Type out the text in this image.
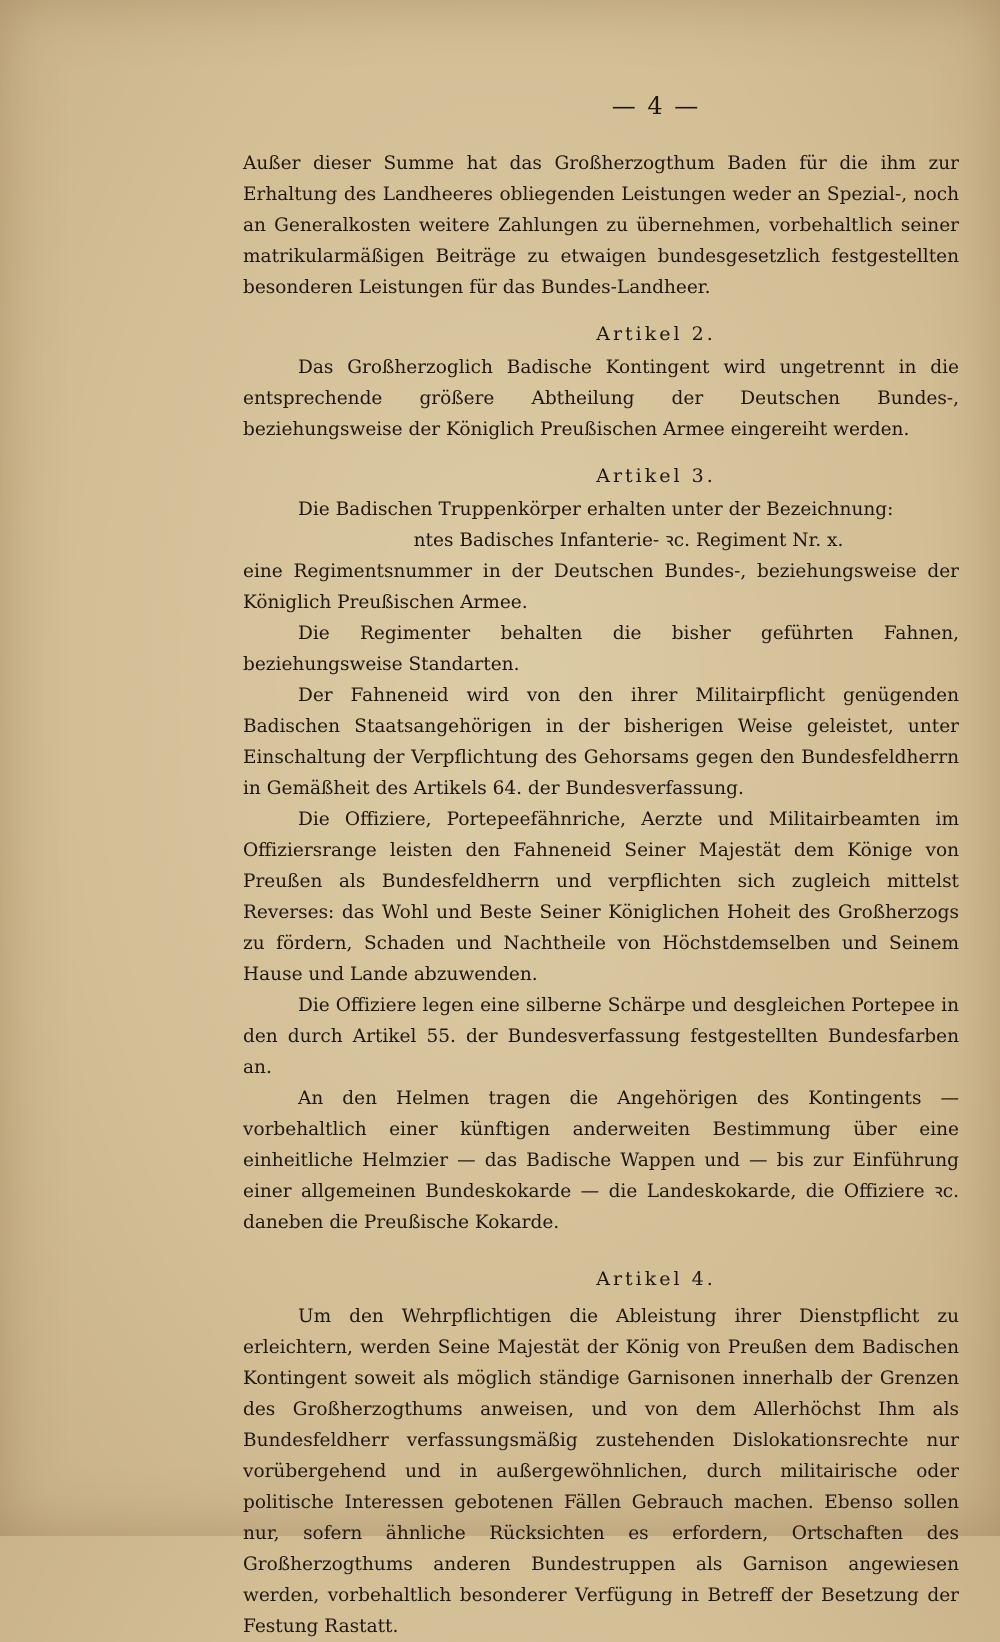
— 4 —

Außer dieser Summe hat das Großherzogthum Baden für die ihm zur Erhaltung des Landheeres obliegenden Leistungen weder an Spezial-, noch an Generalkosten weitere Zahlungen zu übernehmen, vorbehaltlich seiner matrikularmäßigen Beiträge zu etwaigen bundesgesetzlich festgestellten besonderen Leistungen für das Bundes-Landheer.

Artikel 2.

Das Großherzoglich Badische Kontingent wird ungetrennt in die entsprechende größere Abtheilung der Deutschen Bundes-, beziehungsweise der Königlich Preußischen Armee eingereiht werden.

Artikel 3.

Die Badischen Truppenkörper erhalten unter der Bezeichnung:

ntes Badisches Infanterie- ꝛc. Regiment Nr. x.

eine Regimentsnummer in der Deutschen Bundes-, beziehungsweise der Königlich Preußischen Armee.

Die Regimenter behalten die bisher geführten Fahnen, beziehungsweise Standarten.

Der Fahneneid wird von den ihrer Militairpflicht genügenden Badischen Staatsangehörigen in der bisherigen Weise geleistet, unter Einschaltung der Verpflichtung des Gehorsams gegen den Bundesfeldherrn in Gemäßheit des Artikels 64. der Bundesverfassung.

Die Offiziere, Portepeefähnriche, Aerzte und Militairbeamten im Offiziersrange leisten den Fahneneid Seiner Majestät dem Könige von Preußen als Bundesfeldherrn und verpflichten sich zugleich mittelst Reverses: das Wohl und Beste Seiner Königlichen Hoheit des Großherzogs zu fördern, Schaden und Nachtheile von Höchstdemselben und Seinem Hause und Lande abzuwenden.

Die Offiziere legen eine silberne Schärpe und desgleichen Portepee in den durch Artikel 55. der Bundesverfassung festgestellten Bundesfarben an.

An den Helmen tragen die Angehörigen des Kontingents — vorbehaltlich einer künftigen anderweiten Bestimmung über eine einheitliche Helmzier — das Badische Wappen und — bis zur Einführung einer allgemeinen Bundeskokarde — die Landeskokarde, die Offiziere ꝛc. daneben die Preußische Kokarde.

Artikel 4.

Um den Wehrpflichtigen die Ableistung ihrer Dienstpflicht zu erleichtern, werden Seine Majestät der König von Preußen dem Badischen Kontingent soweit als möglich ständige Garnisonen innerhalb der Grenzen des Großherzogthums anweisen, und von dem Allerhöchst Ihm als Bundesfeldherr verfassungsmäßig zustehenden Dislokationsrechte nur vorübergehend und in außergewöhnlichen, durch militairische oder politische Interessen gebotenen Fällen Gebrauch machen. Ebenso sollen nur, sofern ähnliche Rücksichten es erfordern, Ortschaften des Großherzogthums anderen Bundestruppen als Garnison angewiesen werden, vorbehaltlich besonderer Verfügung in Betreff der Besetzung der Festung Rastatt.
